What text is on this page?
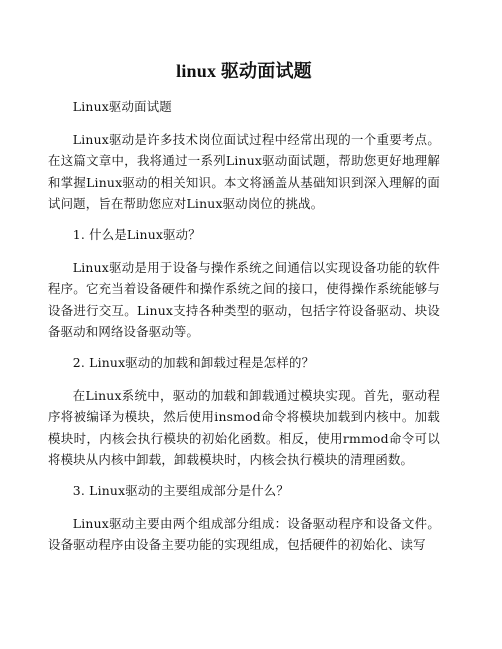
linux 驱动面试题

Linux驱动面试题

Linux驱动是许多技术岗位面试过程中经常出现的一个重要考点。在这篇文章中，我将通过一系列Linux驱动面试题，帮助您更好地理解和掌握Linux驱动的相关知识。本文将涵盖从基础知识到深入理解的面试问题，旨在帮助您应对Linux驱动岗位的挑战。

1. 什么是Linux驱动？

Linux驱动是用于设备与操作系统之间通信以实现设备功能的软件程序。它充当着设备硬件和操作系统之间的接口，使得操作系统能够与设备进行交互。Linux支持各种类型的驱动，包括字符设备驱动、块设备驱动和网络设备驱动等。

2. Linux驱动的加载和卸载过程是怎样的？

在Linux系统中，驱动的加载和卸载通过模块实现。首先，驱动程序将被编译为模块，然后使用insmod命令将模块加载到内核中。加载模块时，内核会执行模块的初始化函数。相反，使用rmmod命令可以将模块从内核中卸载，卸载模块时，内核会执行模块的清理函数。

3. Linux驱动的主要组成部分是什么？

Linux驱动主要由两个组成部分组成：设备驱动程序和设备文件。设备驱动程序由设备主要功能的实现组成，包括硬件的初始化、读写
